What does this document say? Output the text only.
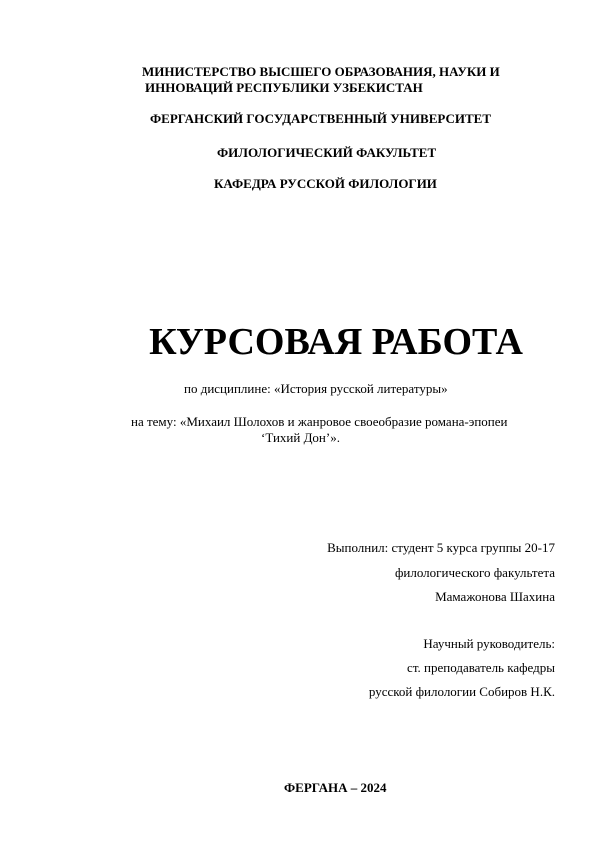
МИНИСТЕРСТВО ВЫСШЕГО ОБРАЗОВАНИЯ, НАУКИ И
ИННОВАЦИЙ РЕСПУБЛИКИ УЗБЕКИСТАН
ФЕРГАНСКИЙ ГОСУДАРСТВЕННЫЙ УНИВЕРСИТЕТ
ФИЛОЛОГИЧЕСКИЙ ФАКУЛЬТЕТ
КАФЕДРА РУССКОЙ ФИЛОЛОГИИ
КУРСОВАЯ РАБОТА
по дисциплине: «История русской литературы»
на тему: «Михаил Шолохов и жанровое своеобразие романа-эпопеи
‘Тихий Дон’».
Выполнил: студент 5 курса группы 20-17
филологического факультета
Мамажонова Шахина
Научный руководитель:
ст. преподаватель кафедры
русской филологии Собиров Н.К.
ФЕРГАНА – 2024
